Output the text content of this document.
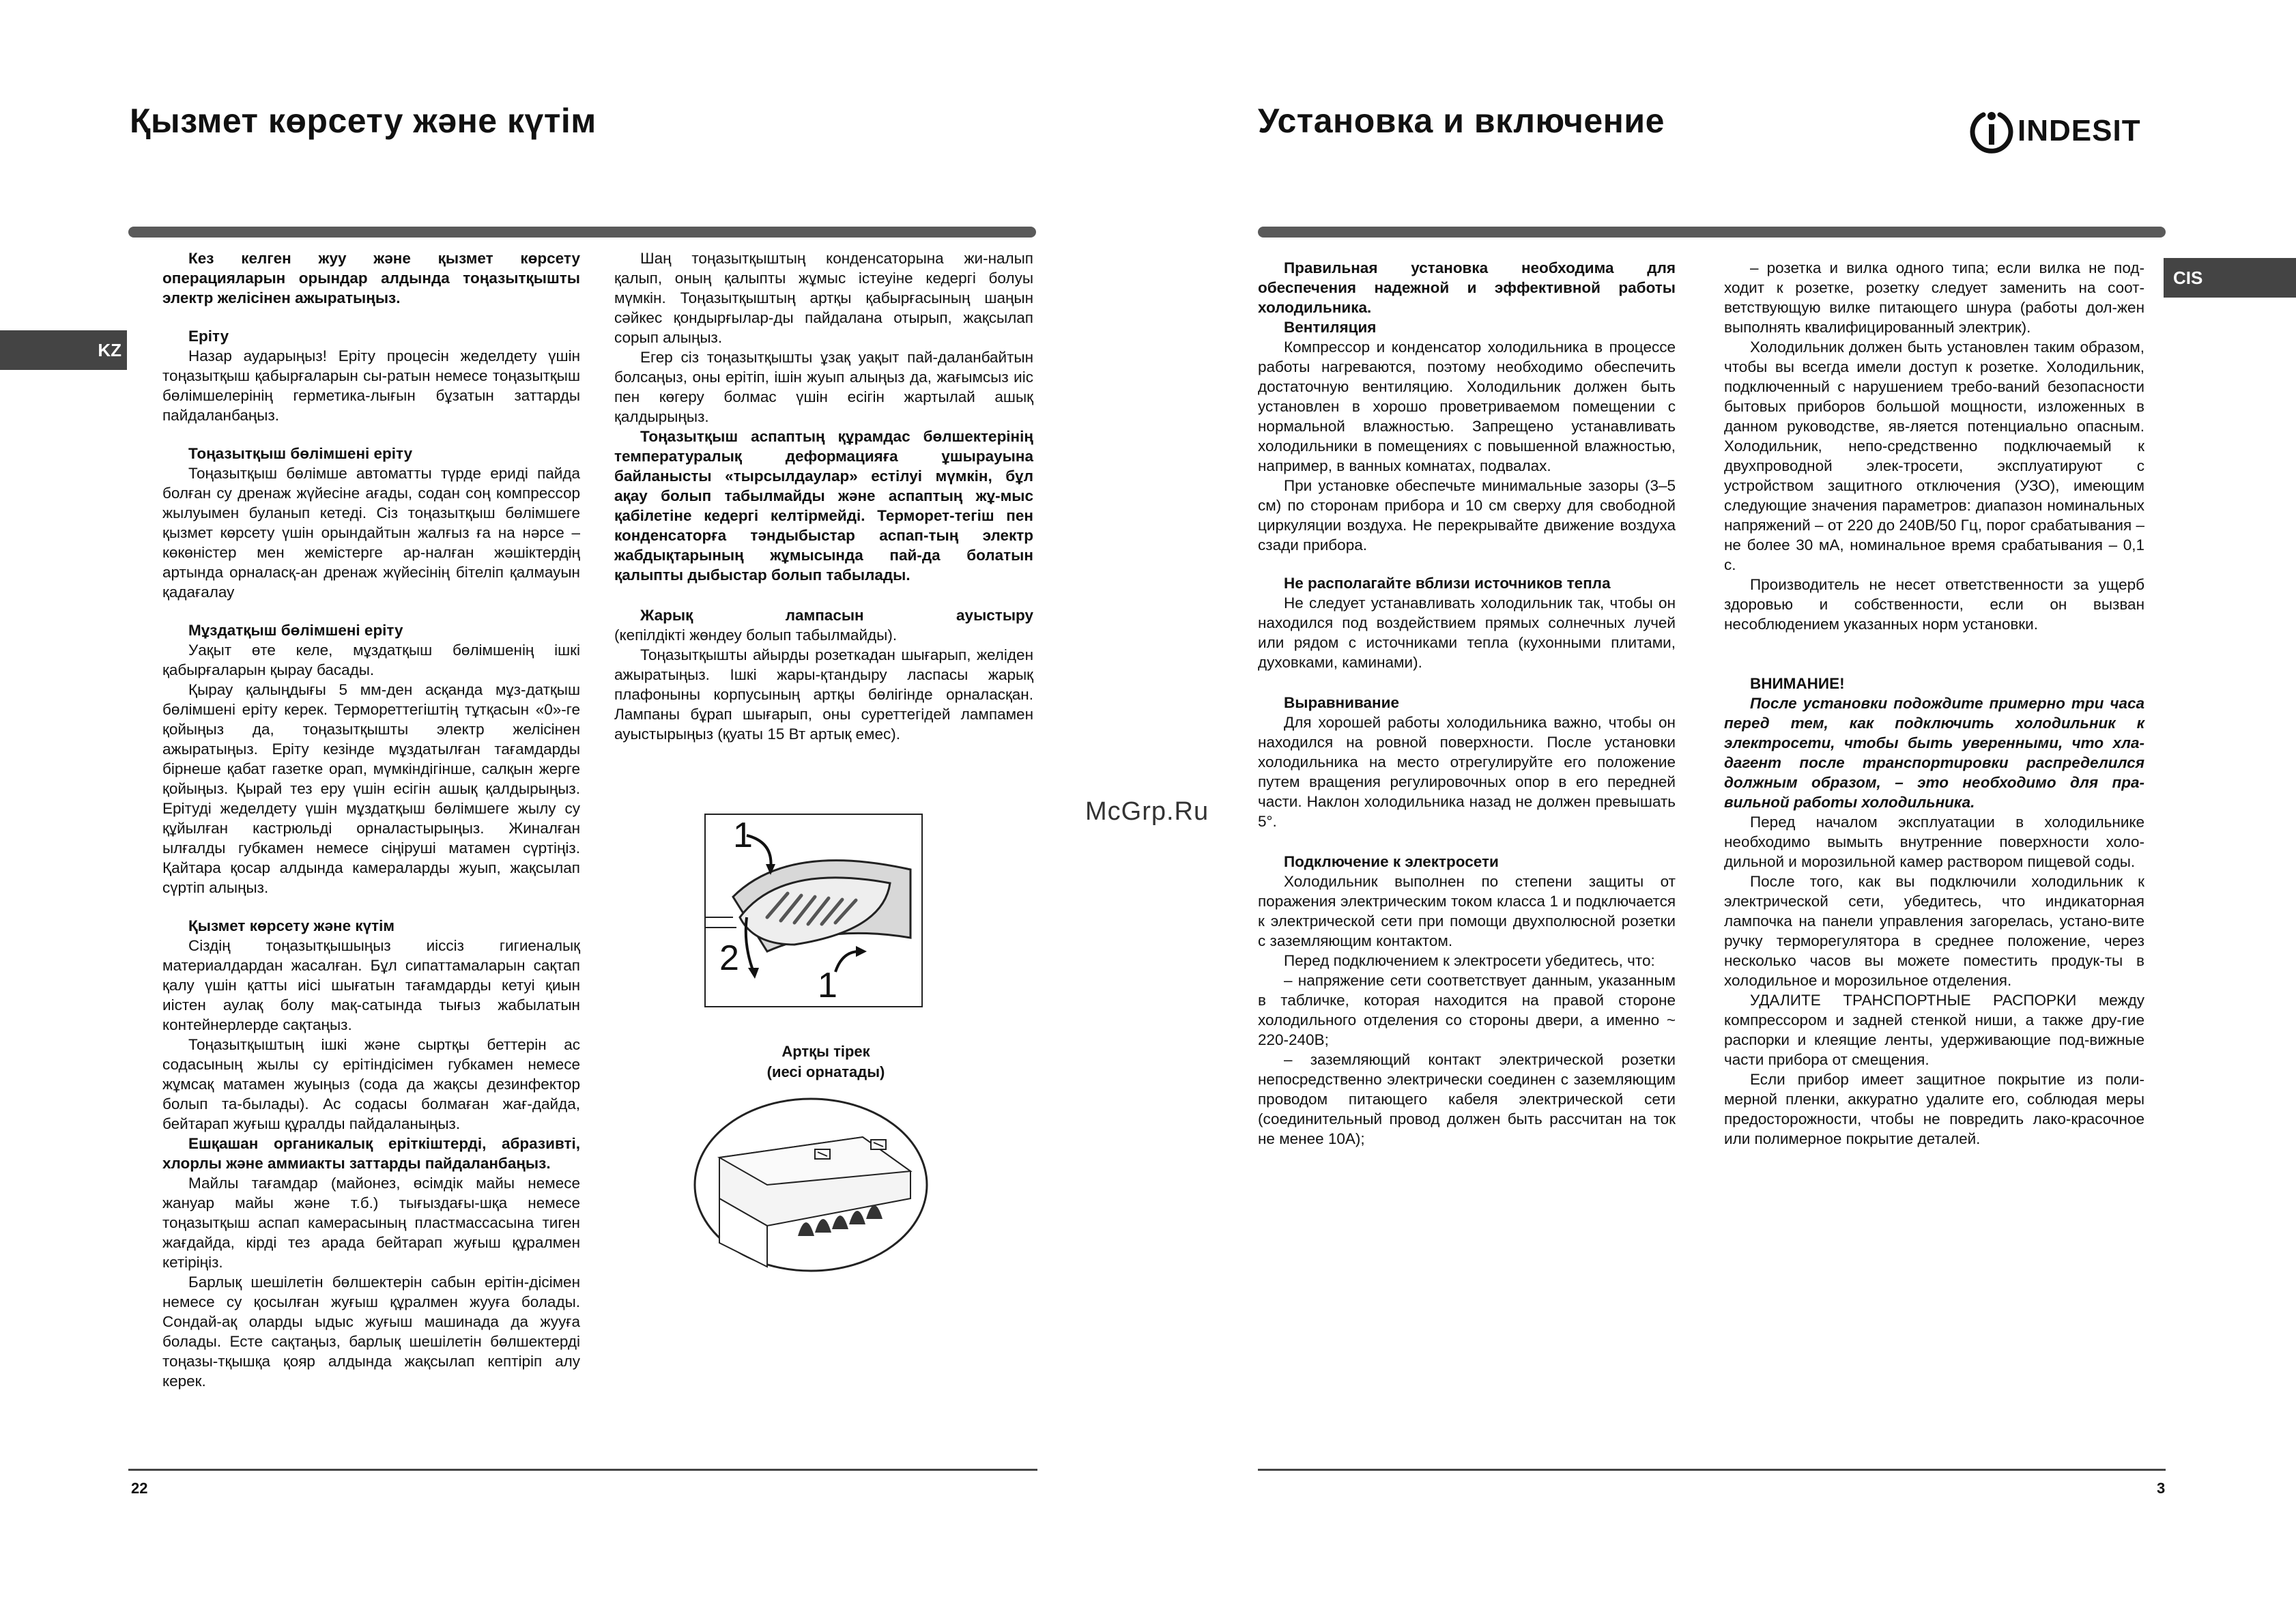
Қызмет көрсету және күтім
KZ

Кез келген жуу және қызмет көрсету операцияларын орындар алдында тоңазытқышты электр желісінен ажыратыңыз.

Еріту

Назар аударыңыз! Еріту процесін жеделдету үшін тоңазытқыш қабырғаларын сы-ратын немесе тоңазытқыш бөлімшелерінің герметика-лығын бұзатын заттарды пайдаланбаңыз.

Тоңазытқыш бөлімшені еріту

Тоңазытқыш бөлімше автоматты түрде ериді пайда болған су дренаж жүйесіне ағады, содан соң компрессор жылуымен буланып кетеді. Сіз тоңазытқыш бөлімшеге қызмет көрсету үшін орындайтын жалғыз ға на нәрсе – көкөністер мен жемістерге ар-налған жәшіктердің артында орналасқ-ан дренаж жүйесінің бітеліп қалмауын қадағалау

Мұздатқыш бөлімшені еріту

Уақыт өте келе, мұздатқыш бөлімшенің ішкі қабырғаларын қырау басады.

Қырау қалыңдығы 5 мм-ден асқанда мұз-датқыш бөлімшені еріту керек. Термореттегіштің тұтқасын «0»-ге қойыңыз да, тоңазытқышты электр желісінен ажыратыңыз. Еріту кезінде мұздатылған тағамдарды бірнеше қабат газетке орап, мүмкіндігінше, салқын жерге қойыңыз. Қырай тез еру үшін есігін ашық қалдырыңыз. Ерітуді жеделдету үшін мұздатқыш бөлімшеге жылу су құйылған кастрюльді орналастырыңыз. Жиналған ылғалды губкамен немесе сіңіруші матамен сүртіңіз. Қайтара қосар алдында камераларды жуып, жақсылап сүртіп алыңыз.

Қызмет көрсету және күтім

Сіздің тоңазытқышыңыз иіссіз гигиеналық материалдардан жасалған. Бұл сипаттамаларын сақтап қалу үшін қатты иісі шығатын тағамдарды кетуі қиын иістен аулақ болу мақ-сатында тығыз жабылатын контейнерлерде сақтаңыз.

Тоңазытқыштың ішкі және сыртқы беттерін ас содасының жылы су ерітіндісімен губкамен немесе жұмсақ матамен жуыңыз (сода да жақсы дезинфектор болып та-былады). Ас содасы болмаған жағ-дайда, бейтарап жуғыш құралды пайдаланыңыз.

Ешқашан органикалық еріткіштерді, абразивті, хлорлы және аммиакты заттарды пайдаланбаңыз.

Майлы тағамдар (майонез, өсімдік майы немесе жануар майы және т.б.) тығыздағы-шқа немесе тоңазытқыш аспап камерасының пластмассасына тиген жағдайда, кірді тез арада бейтарап жуғыш құралмен кетіріңіз.

Барлық шешілетін бөлшектерін сабын ерітін-дісімен немесе су қосылған жуғыш құралмен жууға болады. Сондай-ақ оларды ыдыс жуғыш машинада да жууға болады. Есте сақтаңыз, барлық шешілетін бөлшектерді тоңазы-тқышқа қояр алдында жақсылап кептіріп алу керек.

Шаң тоңазытқыштың конденсаторына жи-налып қалып, оның қалыпты жұмыс істеуіне кедергі болуы мүмкін. Тоңазытқыштың артқы қабырғасының шаңын сәйкес қондырғылар-ды пайдалана отырып, жақсылап сорып алыңыз.

Егер сіз тоңазытқышты ұзақ уақыт пай-даланбайтын болсаңыз, оны ерітіп, ішін жуып алыңыз да, жағымсыз иіс пен көгеру болмас үшін есігін жартылай ашық қалдырыңыз.

Тоңазытқыш аспаптың құрамдас бөлшектерінің температуралық деформацияға ұшырауына байланысты «тырсылдаулар» естілуі мүмкін, бұл ақау болып табылмайды және аспаптың жұ-мыс қабілетіне кедергі келтірмейді. Термoрет-тегіш пен конденсаторға тәндыбыстар аспап-тың электр жабдықтарының жұмысында пай-да болатын қалыпты дыбыстар болып табылады.

Жарық лампасын ауыстыру

(кепілдікті жөндеу болып табылмайды).

Тоңазытқышты айырды розеткадан шығарып, желіден ажыратыңыз. Ішкі жары-қтандыру ласпасы жарық плафоныны корпусының артқы бөлігінде орналасқан. Лампаны бұрап шығарып, оны суреттегідей лампамен ауыстырыңыз (қуаты 15 Вт артық емес).

1
2
1
Артқы тірек
(иесі орнатады)
22
McGrp.Ru
Установка и включение	INDESIT
CIS

Правильная установка необходима для обеспечения надежной и эффективной работы холодильника.

Вентиляция

Компрессор и конденсатор холодильника в процессе работы нагреваются, поэтому необходимо обеспечить достаточную вентиляцию. Холодильник должен быть установлен в хорошо проветриваемом помещении с нормальной влажностью. Запрещено устанавливать холодильники в помещениях с повышенной влажностью, например, в ванных комнатах, подвалах.

При установке обеспечьте минимальные зазоры (3–5 см) по сторонам прибора и 10 см сверху для свободной циркуляции воздуха. Не перекрывайте движение воздуха сзади прибора.

Не располагайте вблизи источников тепла

Не следует устанавливать холодильник так, чтобы он находился под воздействием прямых солнечных лучей или рядом с источниками тепла (кухонными плитами, духовками, каминами).

Выравнивание

Для хорошей работы холодильника важно, чтобы он находился на ровной поверхности. После установки холодильника на место отрегулируйте его положение путем вращения регулировочных опор в его передней части. Наклон холодильника назад не должен превышать 5°.

Подключение к электросети

Холодильник выполнен по степени защиты от поражения электрическим током класса 1 и подключается к электрической сети при помощи двухполюсной розетки с заземляющим контактом.

Перед подключением к электросети убедитесь, что:

– напряжение сети соответствует данным, указанным в табличке, которая находится на правой стороне холодильного отделения со стороны двери, а именно ~ 220-240В;

– заземляющий контакт электрической розетки непосредственно электрически соединен с заземляющим проводом питающего кабеля электрической сети (соединительный провод должен быть рассчитан на ток не менее 10А);

– розетка и вилка одного типа; если вилка не под-ходит к розетке, розетку следует заменить на соот-ветствующую вилке питающего шнура (работы дол-жен выполнять квалифицированный электрик).

Холодильник должен быть установлен таким образом, чтобы вы всегда имели доступ к розетке. Холодильник, подключенный с нарушением требо-ваний безопасности бытовых приборов большой мощности, изложенных в данном руководстве, яв-ляется потенциально опасным. Холодильник, непо-средственно подключаемый к двухпроводной элек-тросети, эксплуатируют с устройством защитного отключения (УЗО), имеющим следующие значения параметров: диапазон номинальных напряжений – от 220 до 240В/50 Гц, порог срабатывания – не более 30 мА, номинальное время срабатывания – 0,1 с.

Производитель не несет ответственности за ущерб здоровью и собственности, если он вызван несоблюдением указанных норм установки.

ВНИМАНИЕ!

После установки подождите примерно три часа перед тем, как подключить холодильник к электросети, чтобы быть уверенными, что хла-дагент после транспортировки распределился должным образом, – это необходимо для пра-вильной работы холодильника.

Перед началом эксплуатации в холодильнике необходимо вымыть внутренние поверхности холо-дильной и морозильной камер раствором пищевой соды.

После того, как вы подключили холодильник к электрической сети, убедитесь, что индикаторная лампочка на панели управления загорелась, устано-вите ручку терморегулятора в среднее положение, через несколько часов вы можете поместить продук-ты в холодильное и морозильное отделения.

УДАЛИТЕ ТРАНСПОРТНЫЕ РАСПОРКИ между компрессором и задней стенкой ниши, а также дру-гие распорки и клеящие ленты, удерживающие под-вижные части прибора от смещения.

Если прибор имеет защитное покрытие из поли-мерной пленки, аккуратно удалите его, соблюдая меры предосторожности, чтобы не повредить лако-красочное или полимерное покрытие деталей.

3
